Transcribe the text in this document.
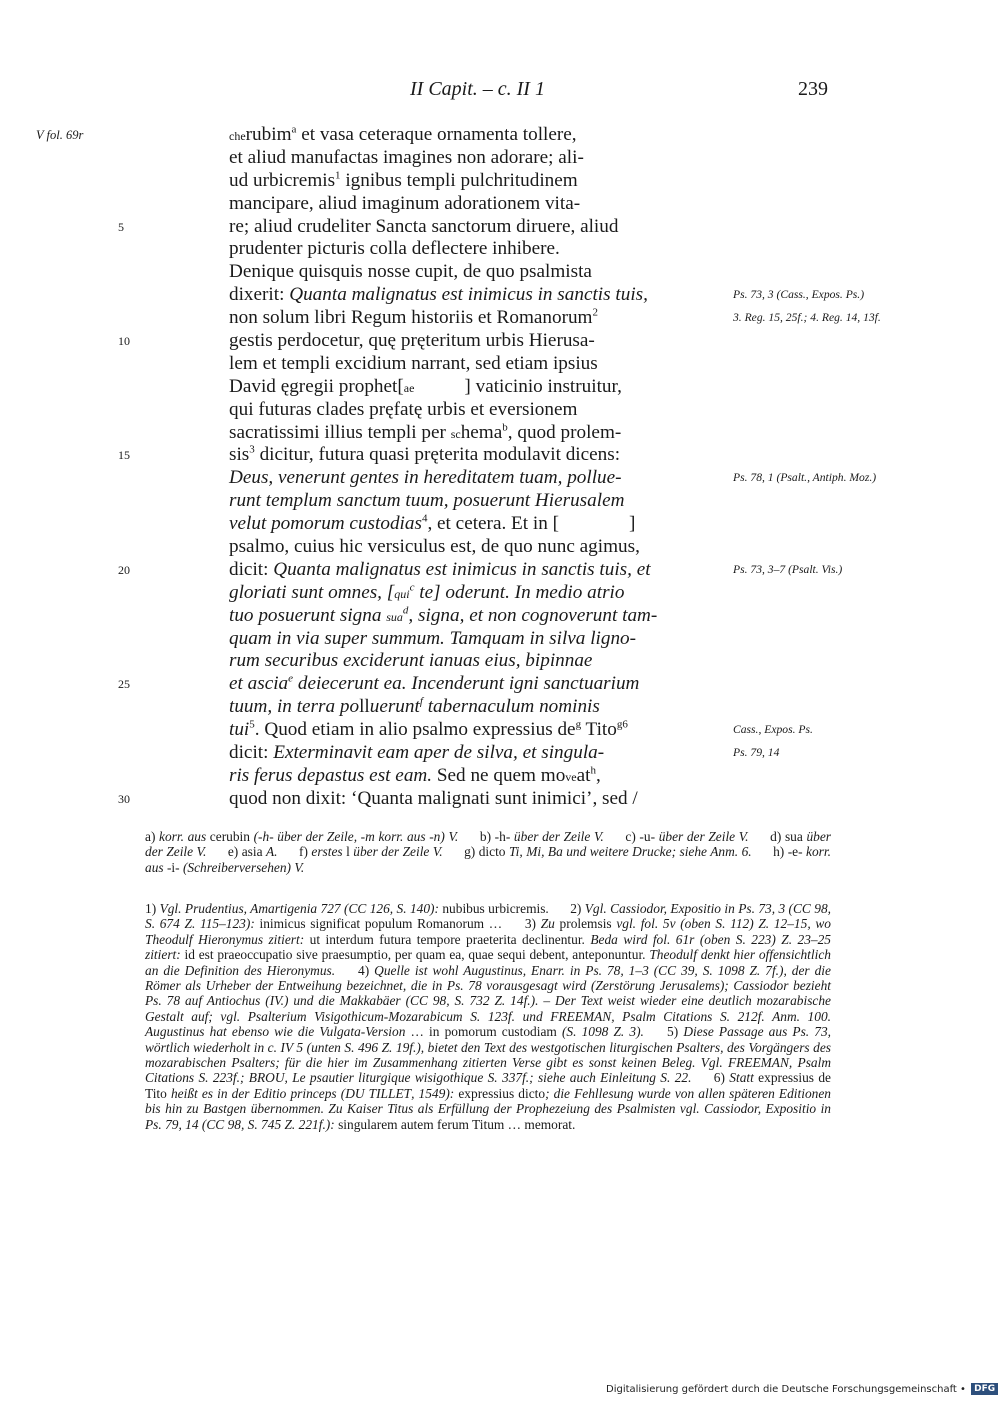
II Capit. – c. II 1	239
V fol. 69r	cherubim$^a$ et vasa ceteraque ornamenta tollere,
et aliud manufactas imagines non adorare; ali-
ud urbicremis$^1$ ignibus templi pulchritudinem
mancipare, aliud imaginum adorationem vita-
5	re; aliud crudeliter Sancta sanctorum diruere, aliud
prudenter picturis colla deflectere inhibere.
Denique quisquis nosse cupit, de quo psalmista
dixerit: Quanta malignatus est inimicus in sanctis tuis,	Ps. 73, 3 (Cass., Expos. Ps.)
non solum libri Regum historiis et Romanorum$^2$	3. Reg. 15, 25f.; 4. Reg. 14, 13f.
10	gestis perdocetur, quę pręteritum urbis Hierusa-
lem et templi excidium narrant, sed etiam ipsius
David ęgregii prophet[ae	] vaticinio instruitur,
qui futuras clades pręfatę urbis et eversionem
sacratissimi illius templi per schema$^b$, quod prolem-
15	sis$^3$ dicitur, futura quasi pręterita modulavit dicens:
Deus, venerunt gentes in hereditatem tuam, pollue-	Ps. 78, 1 (Psalt., Antiph. Moz.)
runt templum sanctum tuum, posuerunt Hierusalem
velut pomorum custodias$^4$, et cetera. Et in [	]
psalmo, cuius hic versiculus est, de quo nunc agimus,
20	dicit: Quanta malignatus est inimicus in sanctis tuis, et	Ps. 73, 3–7 (Psalt. Vis.)
gloriati sunt omnes, [qui$^c$ te] oderunt. In medio atrio
tuo posuerunt signa sua$^d$, signa, et non cognoverunt tam-
quam in via super summum. Tamquam in silva ligno-
rum securibus exciderunt ianuas eius, bipinnae
25	et ascia$^e$ deiecerunt ea. Incenderunt igni sanctuarium
tuum, in terra polluerunt$^f$ tabernaculum nominis
tui$^5$. Quod etiam in alio psalmo expressius $de^g$ Tito$^{g6}$	Cass., Expos. Ps.
dicit: Exterminavit eam aper de silva, et singula-	Ps. 79, 14
ris ferus depastus est eam. Sed ne quem moveat$^h$,
30	quod non dixit: ‘Quanta malignati sunt inimici’, sed /
a) korr. aus cerubin (-h- über der Zeile, -m korr. aus -n) V. b) -h- über der Zeile V. c) -u- über der Zeile V. d) sua über der Zeile V. e) asia A. f) erstes l über der Zeile V. g) dicto Ti, Mi, Ba und weitere Drucke; siehe Anm. 6. h) -e- korr. aus -i- (Schreiberversehen) V.
1) Vgl. Prudentius, Amartigenia 727 (CC 126, S. 140): nubibus urbicremis. 2) Vgl. Cassiodor, Expositio in Ps. 73, 3 (CC 98, S. 674 Z. 115–123): inimicus significat populum Romanorum … 3) Zu prolemsis vgl. fol. 5v (oben S. 112) Z. 12–15, wo Theodulf Hieronymus zitiert: ut interdum futura tempore praeterita declinentur. Beda wird fol. 61r (oben S. 223) Z. 23–25 zitiert: id est praeoccupatio sive praesumptio, per quam ea, quae sequi debent, anteponuntur. Theodulf denkt hier offensichtlich an die Definition des Hieronymus. 4) Quelle ist wohl Augustinus, Enarr. in Ps. 78, 1–3 (CC 39, S. 1098 Z. 7f.), der die Römer als Urheber der Entweihung bezeichnet, die in Ps. 78 vorausgesagt wird (Zerstörung Jerusalems); Cassiodor bezieht Ps. 78 auf Antiochus (IV.) und die Makkabäer (CC 98, S. 732 Z. 14f.). – Der Text weist wieder eine deutlich mozarabische Gestalt auf; vgl. Psalterium Visigothicum-Mozarabicum S. 123f. und FREEMAN, Psalm Citations S. 212f. Anm. 100. Augustinus hat ebenso wie die Vulgata-Version … in pomorum custodiam (S. 1098 Z. 3). 5) Diese Passage aus Ps. 73, wörtlich wiederholt in c. IV 5 (unten S. 496 Z. 19f.), bietet den Text des westgotischen liturgischen Psalters, des Vorgängers des mozarabischen Psalters; für die hier im Zusammenhang zitierten Verse gibt es sonst keinen Beleg. Vgl. FREEMAN, Psalm Citations S. 223f.; BROU, Le psautier liturgique wisigothique S. 337f.; siehe auch Einleitung S. 22. 6) Statt expressius de Tito heißt es in der Editio princeps (DU TILLET, 1549): expressius dicto; die Fehllesung wurde von allen späteren Editionen bis hin zu Bastgen übernommen. Zu Kaiser Titus als Erfüllung der Prophezeiung des Psalmisten vgl. Cassiodor, Expositio in Ps. 79, 14 (CC 98, S. 745 Z. 221f.): singularem autem ferum Titum … memorat.
Digitalisierung gefördert durch die Deutsche Forschungsgemeinschaft • DFG
